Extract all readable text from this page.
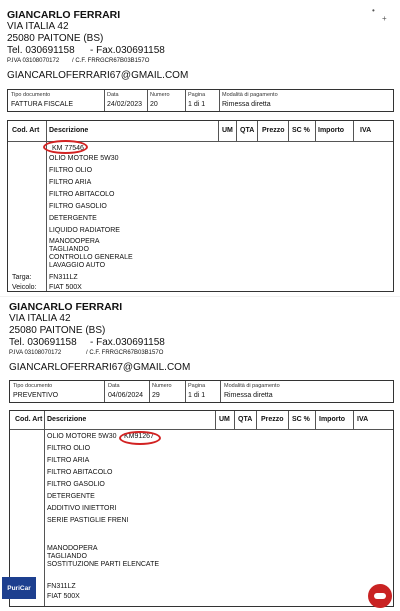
•
+
GIANCARLO FERRARI
VIA ITALIA 42
25080 PAITONE (BS)
Tel. 030691158 - Fax.030691158
P.IVA 03108070172 / C.F. FRRGCR67B03B157O
GIANCARLOFERRARI67@GMAIL.COM
Tipo documento
FATTURA FISCALE
Data
24/02/2023
Numero
20
Pagina
1 di 1
Modalità di pagamento
Rimessa diretta
Cod. Art Descrizione	UM QTA Prezzo SC % Importo IVA
KM 77546
OLIO MOTORE 5W30
FILTRO OLIO
FILTRO ARIA
FILTRO ABITACOLO
FILTRO GASOLIO
DETERGENTE
LIQUIDO RADIATORE
MANODOPERA
TAGLIANDO
CONTROLLO GENERALE
LAVAGGIO AUTO
Targa:	FN311LZ
Veicolo: FIAT 500X
GIANCARLO FERRARI
VIA ITALIA 42
25080 PAITONE (BS)
Tel. 030691158 - Fax.030691158
P.IVA 03108070172	/ C.F. FRRGCR67B03B157O
GIANCARLOFERRARI67@GMAIL.COM
Tipo documento
PREVENTIVO
Data
04/06/2024
Numero
29
Pagina
1 di 1
Modalità di pagamento
Rimessa diretta
Cod. Art Descrizione	UM QTA Prezzo SC % Importo IVA
OLIO MOTORE 5W30 KM91267
FILTRO OLIO
FILTRO ARIA
FILTRO ABITACOLO
FILTRO GASOLIO
DETERGENTE
ADDITIVO INIETTORI
SERIE PASTIGLIE FRENI
MANODOPERA
TAGLIANDO
SOSTITUZIONE PARTI ELENCATE
FN311LZ
FIAT 500X
PuriCar
